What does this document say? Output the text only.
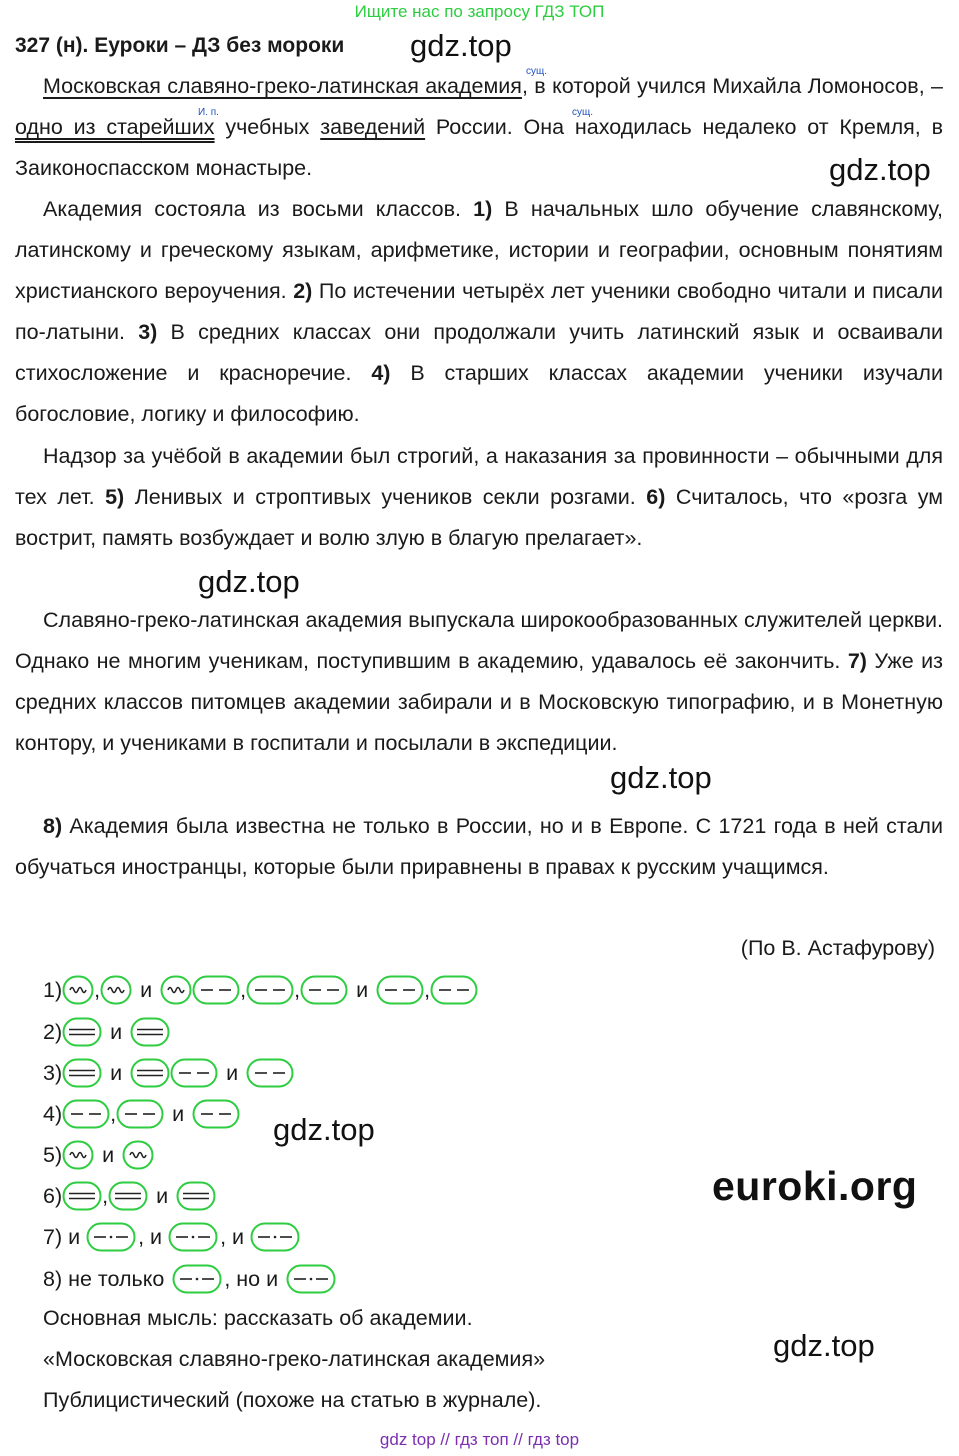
Ищите нас по запросу ГДЗ ТОП
327 (н). Еуроки – ДЗ без мороки gdz.top
gdz.top
gdz.top
gdz.top
gdz.top
gdz.top
сущ.
И. п.	сущ.

Московская славяно-греко-латинская академия, в которой учился Михайла Ломоносов, – одно из старейших учебных заведений России. Она находилась недалеко от Кремля, в Заиконоспасском монастыре.

Академия состояла из восьми классов. 1) В начальных шло обучение славянскому, латинскому и греческому языкам, арифметике, истории и географии, основным понятиям христианского вероучения. 2) По истечении четырёх лет ученики свободно читали и писали по-латыни. 3) В средних классах они продолжали учить латинский язык и осваивали стихосложение и красноречие. 4) В старших классах академии ученики изучали богословие, логику и философию.

Надзор за учёбой в академии был строгий, а наказания за провинности – обычными для тех лет. 5) Ленивых и строптивых учеников секли розгами. 6) Считалось, что «розга ум вострит, память возбуждает и волю злую в благую прелагает».

Славяно-греко-латинская академия выпускала широкообразованных служителей церкви. Однако не многим ученикам, поступившим в академию, удавалось её закончить. 7) Уже из средних классов питомцев академии забирали и в Московскую типографию, и в Монетную контору, и учениками в госпитали и посылали в экспедиции.

8) Академия была известна не только в России, но и в Европе. С 1721 года в ней стали обучаться иностранцы, которые были приравнены в правах к русским учащимся.

(По В. Астафурову)
1) , и	, ,	и	,
2) и
3) и	и
4) ,	и
5) и
6) , и
7) и	, и	, и
8) не только	, но и
Основная мысль: рассказать об академии.
«Московская славяно-греко-латинская академия»
Публицистический (похоже на статью в журнале).
euroki.org
gdz top // гдз топ // гдз top
